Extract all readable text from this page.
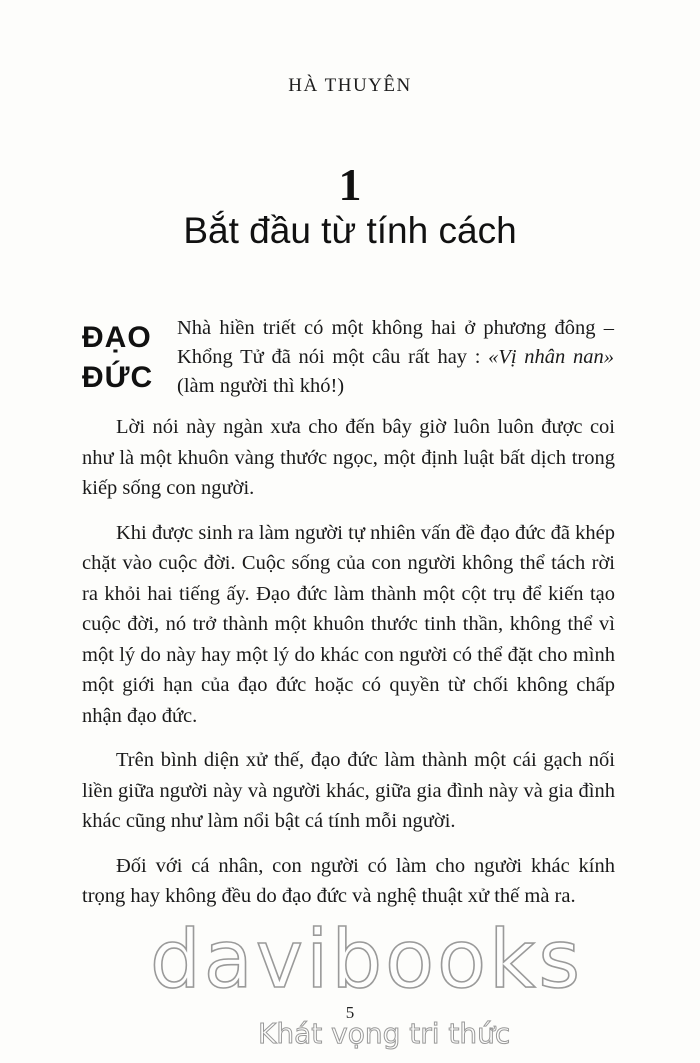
HÀ THUYÊN
1
Bắt đầu từ tính cách
ĐẠO
ĐỨC
Nhà hiền triết có một không hai ở phương đông – Khổng Tử đã nói một câu rất hay : «Vị nhân nan» (làm người thì khó!)

Lời nói này ngàn xưa cho đến bây giờ luôn luôn được coi như là một khuôn vàng thước ngọc, một định luật bất dịch trong kiếp sống con người.

Khi được sinh ra làm người tự nhiên vấn đề đạo đức đã khép chặt vào cuộc đời. Cuộc sống của con người không thể tách rời ra khỏi hai tiếng ấy. Đạo đức làm thành một cột trụ để kiến tạo cuộc đời, nó trở thành một khuôn thước tinh thần, không thể vì một lý do này hay một lý do khác con người có thể đặt cho mình một giới hạn của đạo đức hoặc có quyền từ chối không chấp nhận đạo đức.

Trên bình diện xử thế, đạo đức làm thành một cái gạch nối liền giữa người này và người khác, giữa gia đình này và gia đình khác cũng như làm nổi bật cá tính mỗi người.

Đối với cá nhân, con người có làm cho người khác kính trọng hay không đều do đạo đức và nghệ thuật xử thế mà ra.

5
davibooks
Khát vọng tri thức
